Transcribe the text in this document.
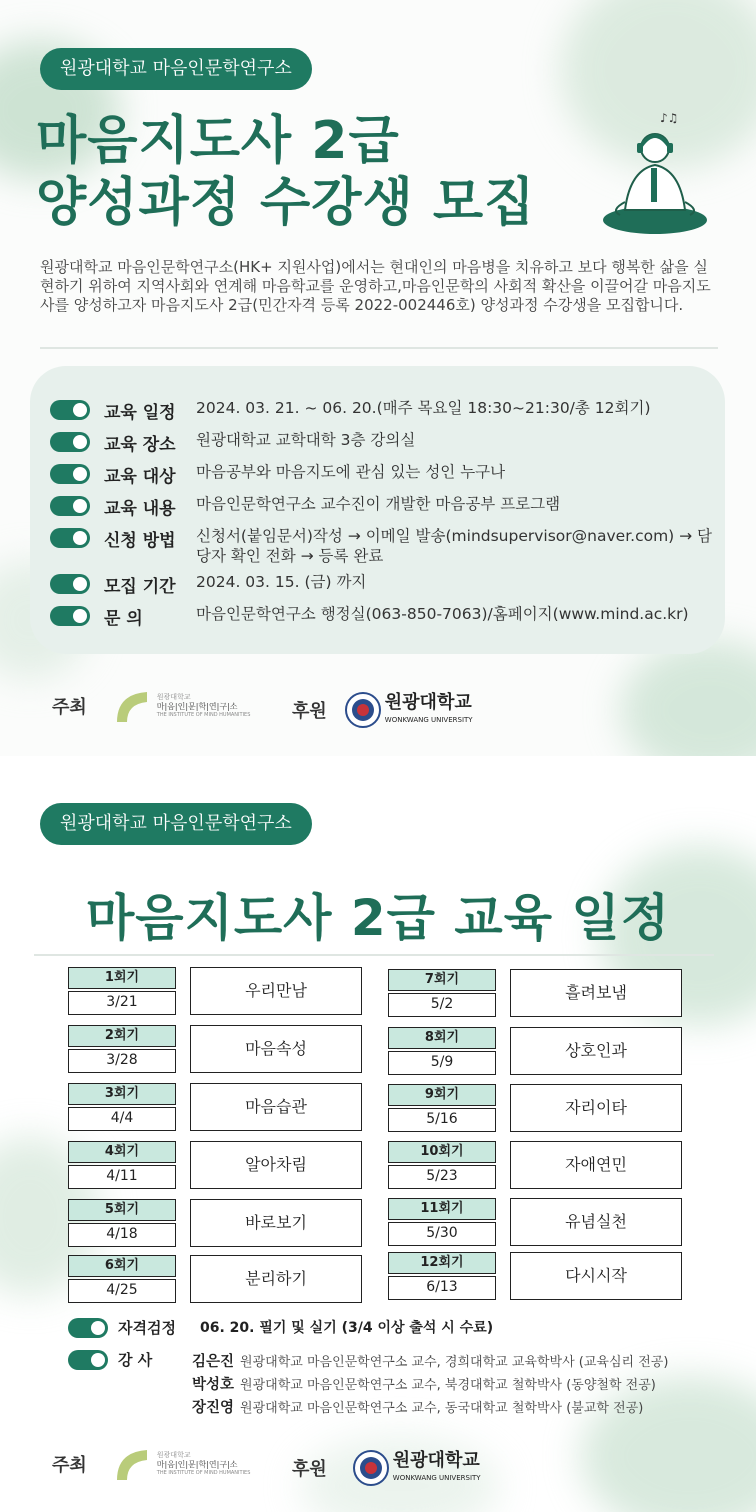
원광대학교 마음인문학연구소
마음지도사 2급
양성과정 수강생 모집
♪♫
원광대학교 마음인문학연구소(HK+ 지원사업)에서는 현대인의 마음병을 치유하고 보다 행복한 삶을 실현하기 위하여 지역사회와 연계해 마음학교를 운영하고,마음인문학의 사회적 확산을 이끌어갈 마음지도사를 양성하고자 마음지도사 2급(민간자격 등록 2022-002446호) 양성과정 수강생을 모집합니다.
교육 일정	2024. 03. 21. ~ 06. 20.(매주 목요일 18:30~21:30/총 12회기)
교육 장소	원광대학교 교학대학 3층 강의실
교육 대상	마음공부와 마음지도에 관심 있는 성인 누구나
교육 내용	마음인문학연구소 교수진이 개발한 마음공부 프로그램
신청 방법	신청서(붙임문서)작성 → 이메일 발송(mindsupervisor@naver.com) → 담당자 확인 전화 → 등록 완료
모집 기간	2024. 03. 15. (금) 까지
문 의	마음인문학연구소 행정실(063-850-7063)/홈페이지(www.mind.ac.kr)
주최
원광대학교
마|음|인|문|학|연|구|소
THE INSTITUTE OF MIND HUMANITIES 후원	원광대학교
WONKWANG UNIVERSITY
원광대학교 마음인문학연구소
마음지도사 2급 교육 일정
1회기
3/21
우리만남
2회기
3/28
마음속성
3회기
4/4
마음습관
4회기
4/11
알아차림
5회기
4/18
바로보기
6회기
4/25
분리하기
7회기
5/2
흘려보냄
8회기
5/9
상호인과
9회기
5/16
자리이타
10회기
5/23
자애연민
11회기
5/30
유념실천
12회기
6/13
다시시작
자격검정	06. 20. 필기 및 실기 (3/4 이상 출석 시 수료)
강 사	김은진 원광대학교 마음인문학연구소 교수, 경희대학교 교육학박사 (교육심리 전공)
박성호 원광대학교 마음인문학연구소 교수, 북경대학교 철학박사 (동양철학 전공)
장진영 원광대학교 마음인문학연구소 교수, 동국대학교 철학박사 (불교학 전공)
주최
원광대학교
마|음|인|문|학|연|구|소
THE INSTITUTE OF MIND HUMANITIES 후원	원광대학교
WONKWANG UNIVERSITY
